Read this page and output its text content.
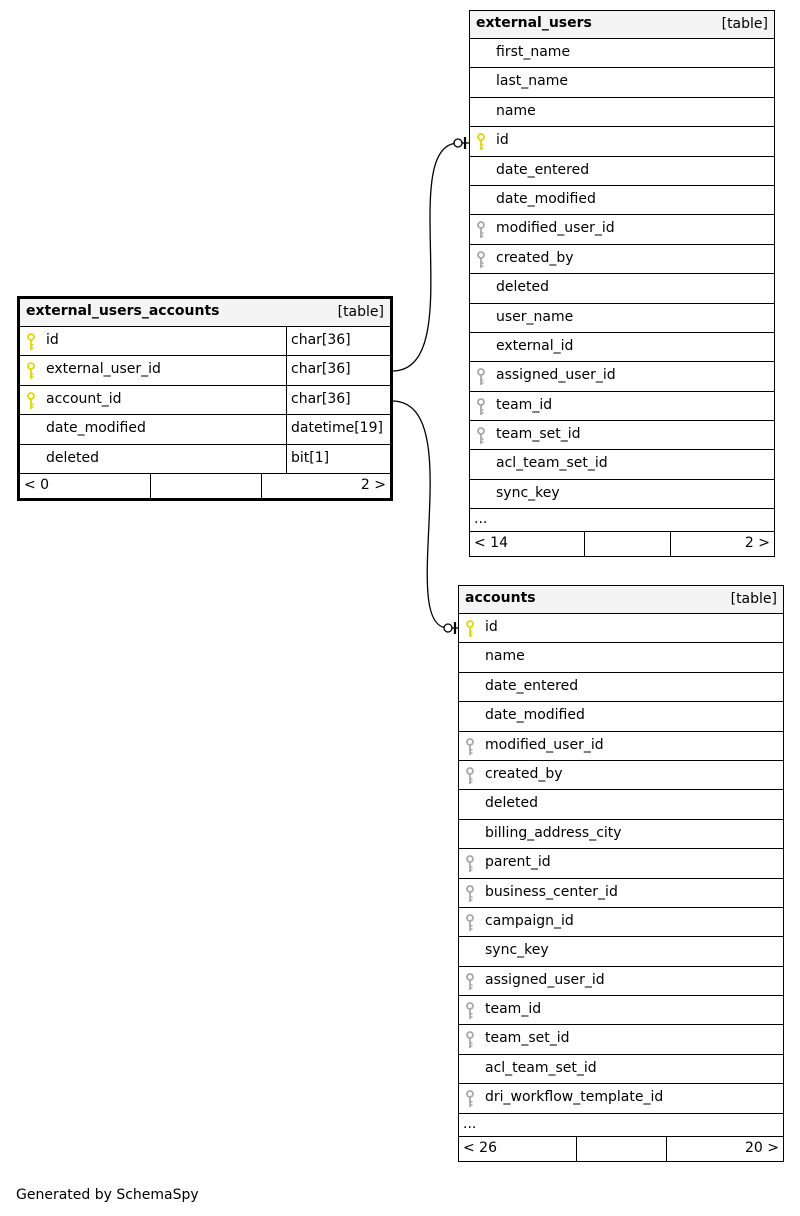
external_users_accounts	[table]
id	char[36]
external_user_id	char[36]
account_id	char[36]
date_modified	datetime[19]
deleted	bit[1]
< 0	2 >
external_users	[table]
first_name
last_name
name
id
date_entered
date_modified
modified_user_id
created_by
deleted
user_name
external_id
assigned_user_id
team_id
team_set_id
acl_team_set_id
sync_key
...
< 14	2 >
accounts	[table]
id
name
date_entered
date_modified
modified_user_id
created_by
deleted
billing_address_city
parent_id
business_center_id
campaign_id
sync_key
assigned_user_id
team_id
team_set_id
acl_team_set_id
dri_workflow_template_id
...
< 26	20 >
Generated by SchemaSpy
